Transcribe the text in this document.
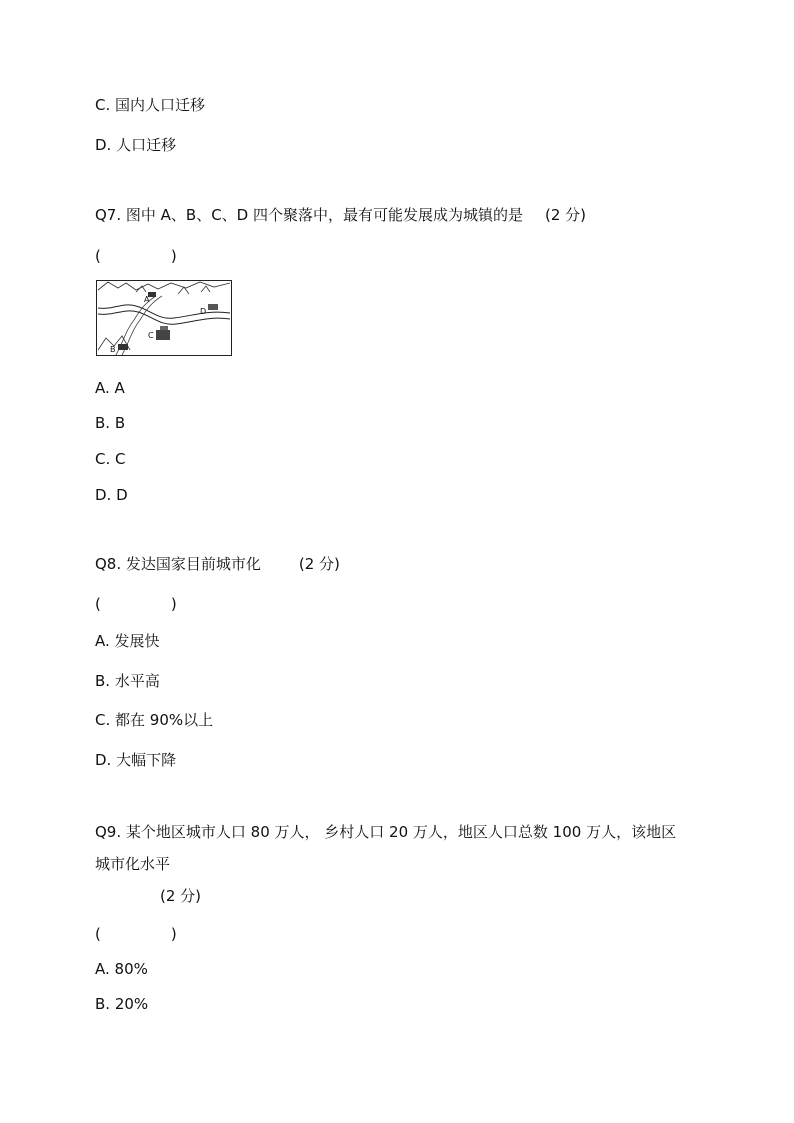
C. 国内人口迁移
D. 人口迁移
Q7. 图中 A、B、C、D 四个聚落中，最有可能发展成为城镇的是 (2 分)
(	)
A
D
C
B
A. A
B. B
C. C
D. D
Q8. 发达国家目前城市化	(2 分)
(	)
A. 发展快
B. 水平高
C. 都在 90%以上
D. 大幅下降
Q9. 某个地区城市人口 80 万人， 乡村人口 20 万人，地区人口总数 100 万人，该地区
城市化水平
(2 分)
(	)
A. 80%
B. 20%
